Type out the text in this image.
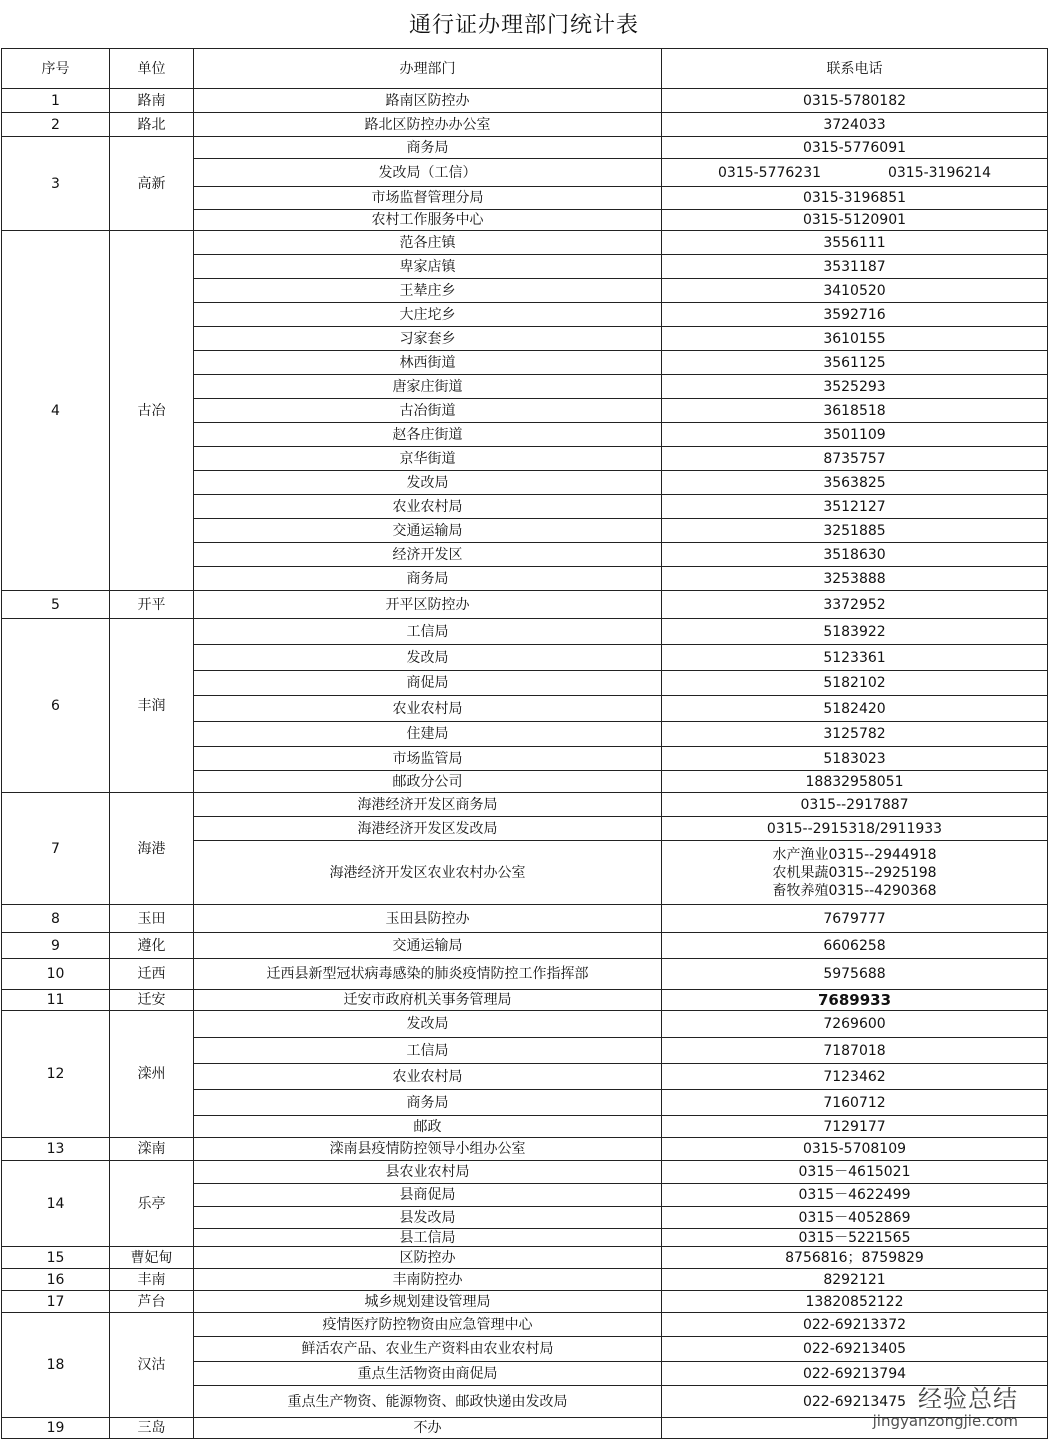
通行证办理部门统计表
序号	单位	办理部门	联系电话
1	路南	路南区防控办	0315-5780182
2	路北	路北区防控办办公室	3724033
3	高新	商务局	0315-5776091
		发改局（工信）	0315-5776231 0315-3196214

		市场监督管理分局	0315-3196851
		农村工作服务中心	0315-5120901
4	古冶	范各庄镇	3556111
		卑家店镇	3531187
		王辇庄乡	3410520
		大庄坨乡	3592716
		习家套乡	3610155
		林西街道	3561125
		唐家庄街道	3525293
		古冶街道	3618518
		赵各庄街道	3501109
		京华街道	8735757
		发改局	3563825
		农业农村局	3512127
		交通运输局	3251885
		经济开发区	3518630
		商务局	3253888
5	开平	开平区防控办	3372952
6	丰润	工信局	5183922
		发改局	5123361
		商促局	5182102
		农业农村局	5182420
		住建局	3125782
		市场监管局	5183023
		邮政分公司	18832958051
7	海港	海港经济开发区商务局	0315--2917887
		海港经济开发区发改局	0315--2915318/2911933
		海港经济开发区农业农村办公室	水产渔业0315--2944918
农机果蔬0315--2925198
畜牧养殖0315--4290368

8	玉田	玉田县防控办	7679777
9	遵化	交通运输局	6606258
10	迁西	迁西县新型冠状病毒感染的肺炎疫情防控工作指挥部	5975688
11	迁安	迁安市政府机关事务管理局	7689933
12	滦州	发改局	7269600
		工信局	7187018
		农业农村局	7123462
		商务局	7160712
		邮政	7129177
13	滦南	滦南县疫情防控领导小组办公室	0315-5708109
14	乐亭	县农业农村局	0315－4615021
		县商促局	0315－4622499
		县发改局	0315－4052869
		县工信局	0315－5221565
15	曹妃甸	区防控办	8756816；8759829
16	丰南	丰南防控办	8292121
17	芦台	城乡规划建设管理局	13820852122
18	汉沽	疫情医疗防控物资由应急管理中心	022-69213372
		鲜活农产品、农业生产资料由农业农村局	022-69213405
		重点生活物资由商促局	022-69213794
		重点生产物资、能源物资、邮政快递由发改局	022-69213475
19	三岛	不办	
经验总结
jingyanzongjie.com
